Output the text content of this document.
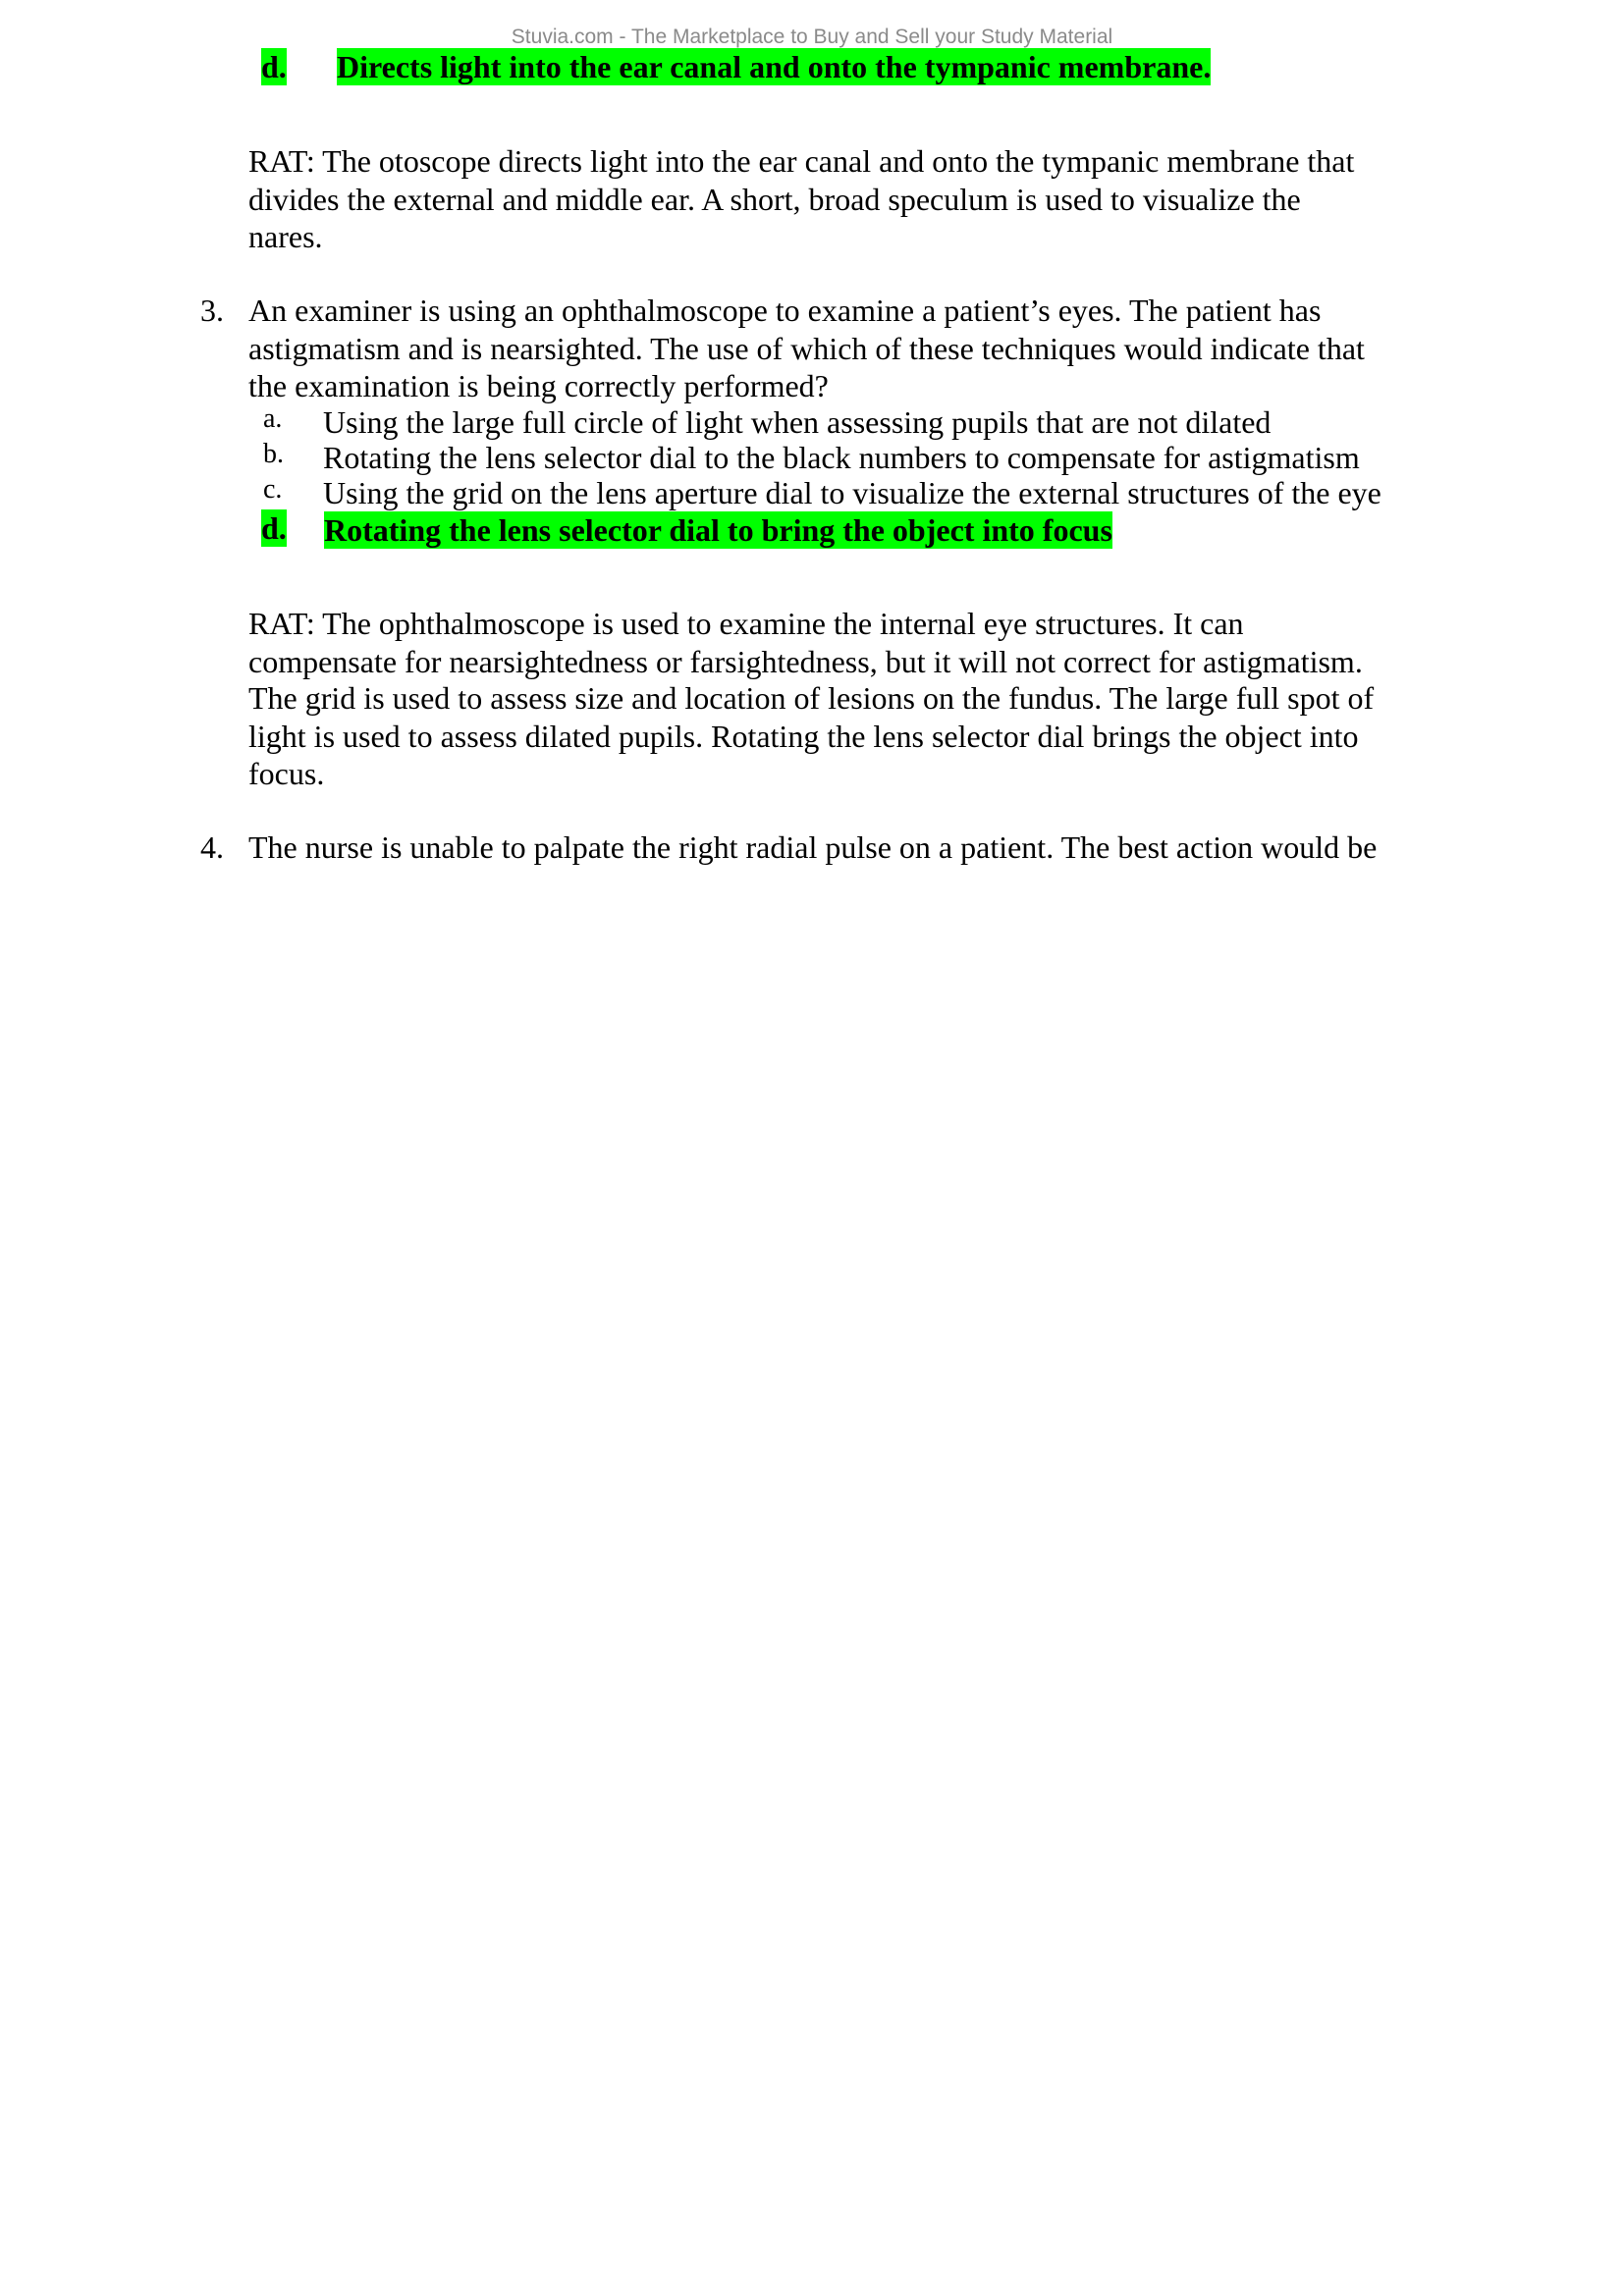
Stuvia.com - The Marketplace to Buy and Sell your Study Material
d. Directs light into the ear canal and onto the tympanic membrane.
RAT: The otoscope directs light into the ear canal and onto the tympanic membrane that
divides the external and middle ear. A short, broad speculum is used to visualize the
nares.
3. An examiner is using an ophthalmoscope to examine a patient’s eyes. The patient has
astigmatism and is nearsighted. The use of which of these techniques would indicate that
the examination is being correctly performed?
a. Using the large full circle of light when assessing pupils that are not dilated
b. Rotating the lens selector dial to the black numbers to compensate for astigmatism
c. Using the grid on the lens aperture dial to visualize the external structures of the eye
d. Rotating the lens selector dial to bring the object into focus
RAT: The ophthalmoscope is used to examine the internal eye structures. It can
compensate for nearsightedness or farsightedness, but it will not correct for astigmatism.
The grid is used to assess size and location of lesions on the fundus. The large full spot of
light is used to assess dilated pupils. Rotating the lens selector dial brings the object into
focus.
4. The nurse is unable to palpate the right radial pulse on a patient. The best action would be
